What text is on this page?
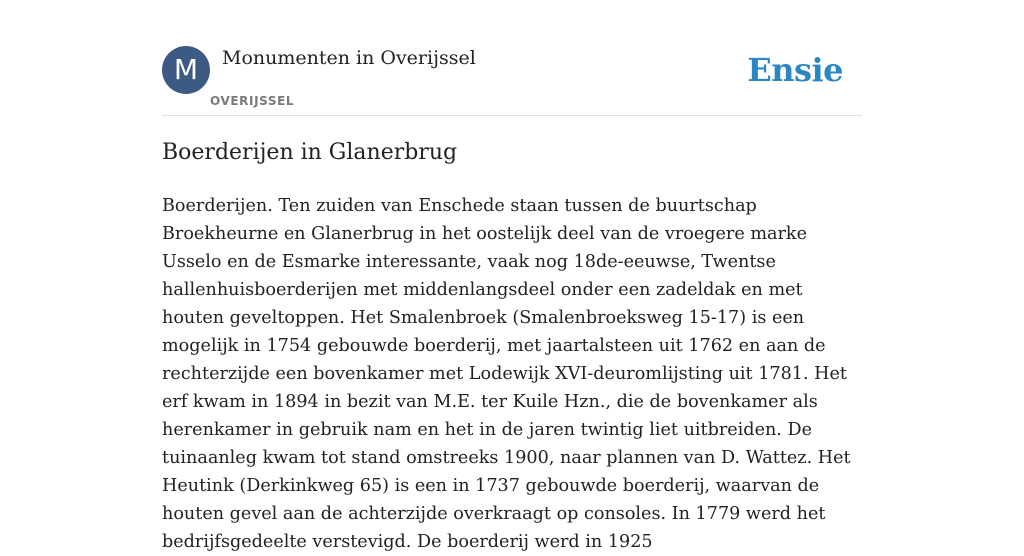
M	Monumenten in Overijssel
OVERIJSSEL
Ensie
Boerderijen in Glanerbrug

Boerderijen. Ten zuiden van Enschede staan tussen de buurtschap Broekheurne en Glanerbrug in het oostelijk deel van de vroegere marke Usselo en de Esmarke interessante, vaak nog 18de-eeuwse, Twentse hallenhuisboerderijen met middenlangsdeel onder een zadeldak en met houten geveltoppen. Het Smalenbroek (Smalenbroeksweg 15-17) is een mogelijk in 1754 gebouwde boerderij, met jaartalsteen uit 1762 en aan de rechterzijde een bovenkamer met Lodewijk XVI-deuromlijsting uit 1781. Het erf kwam in 1894 in bezit van M.E. ter Kuile Hzn., die de bovenkamer als herenkamer in gebruik nam en het in de jaren twintig liet uitbreiden. De tuinaanleg kwam tot stand omstreeks 1900, naar plannen van D. Wattez. Het Heutink (Derkinkweg 65) is een in 1737 gebouwde boerderij, waarvan de houten gevel aan de achterzijde overkraagt op consoles. In 1779 werd het bedrijfsgedeelte verstevigd. De boerderij werd in 1925
